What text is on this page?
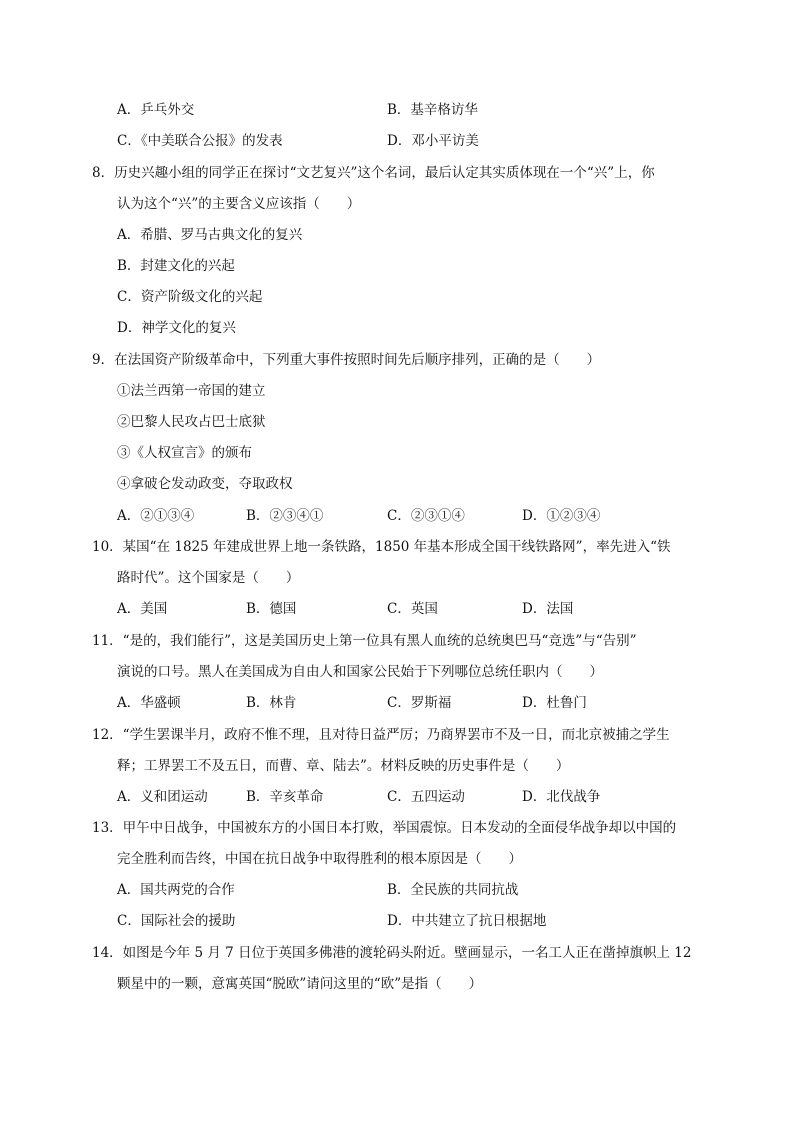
A．乒乓外交	B．基辛格访华
C．《中美联合公报》的发表	D．邓小平访美
8．历史兴趣小组的同学正在探讨“文艺复兴”这个名词，最后认定其实质体现在一个“兴”上，你
认为这个“兴”的主要含义应该指（　　）
A．希腊、罗马古典文化的复兴
B．封建文化的兴起
C．资产阶级文化的兴起
D．神学文化的复兴
9．在法国资产阶级革命中，下列重大事件按照时间先后顺序排列，正确的是（　　）
①法兰西第一帝国的建立
②巴黎人民攻占巴士底狱
③《人权宣言》的颁布
④拿破仑发动政变，夺取政权
A．②①③④	B．②③④①	C．②③①④	D．①②③④
10．某国“在 1825 年建成世界上地一条铁路，1850 年基本形成全国干线铁路网”，率先进入“铁
路时代”。这个国家是（　　）
A．美国	B．德国	C．英国	D．法国
11．“是的，我们能行”，这是美国历史上第一位具有黑人血统的总统奥巴马“竞选”与“告别”
演说的口号。黑人在美国成为自由人和国家公民始于下列哪位总统任职内（　　）
A．华盛顿	B．林肯	C．罗斯福	D．杜鲁门
12．“学生罢课半月，政府不惟不理，且对待日益严厉；乃商界罢市不及一日，而北京被捕之学生
释；工界罢工不及五日，而曹、章、陆去”。材料反映的历史事件是（　　）
A．义和团运动	B．辛亥革命	C．五四运动	D．北伐战争
13．甲午中日战争，中国被东方的小国日本打败，举国震惊。日本发动的全面侵华战争却以中国的
完全胜利而告终，中国在抗日战争中取得胜利的根本原因是（　　）
A．国共两党的合作	B．全民族的共同抗战
C．国际社会的援助	D．中共建立了抗日根据地
14．如图是今年 5 月 7 日位于英国多佛港的渡轮码头附近。壁画显示，一名工人正在凿掉旗帜上 12
颗星中的一颗，意寓英国“脱欧”请问这里的“欧”是指（　　）
